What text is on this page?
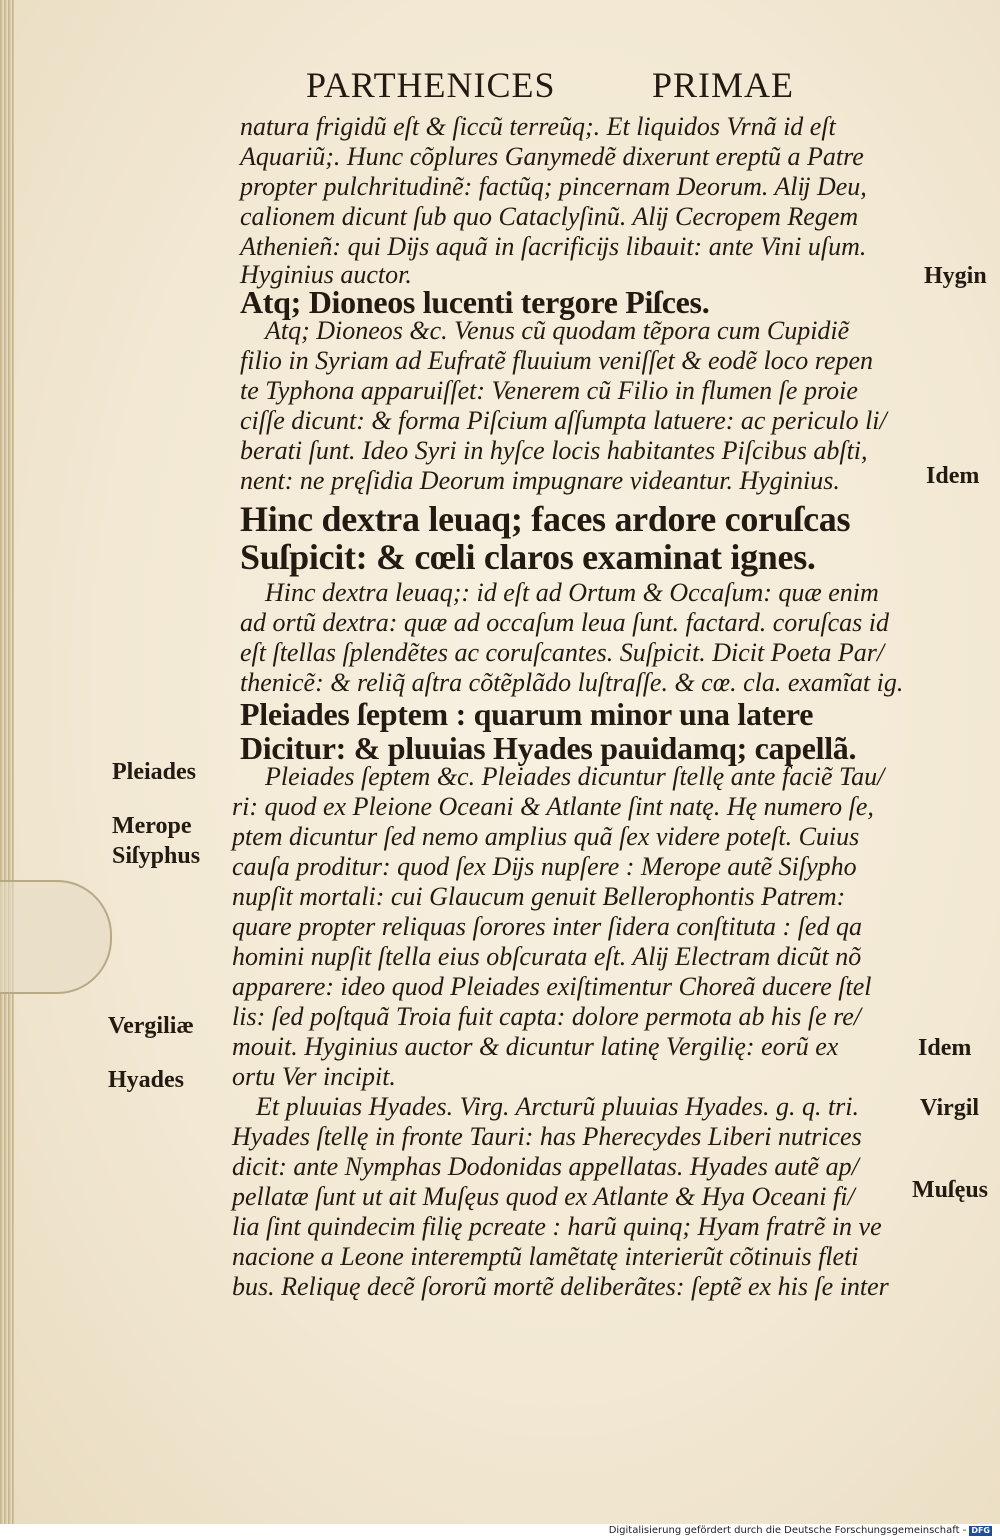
PARTHENICES	PRIMAE
natura frigidũ eſt & ſiccũ terreũq;. Et liquidos Vrnã id eſt
Aquariũ;. Hunc cõplures Ganymedẽ dixerunt ereptũ a Patre
propter pulchritudinẽ: factũq; pincernam Deorum. Alĳ Deu,
calionem dicunt ſub quo Cataclyſinũ. Alĳ Cecropem Regem
Athenieñ: qui Dĳs aquã in ſacrificĳs libauit: ante Vini uſum.
Hyginius auctor.
Atq; Dioneos lucenti tergore Piſces.
Atq; Dioneos &c. Venus cũ quodam tẽpora cum Cupidiẽ
filio in Syriam ad Eufratẽ fluuium veniſſet & eodẽ loco repen
te Typhona apparuiſſet: Venerem cũ Filio in flumen ſe proie
ciſſe dicunt: & forma Piſcium aſſumpta latuere: ac periculo li/
berati ſunt. Ideo Syri in hyſce locis habitantes Piſcibus abſti,
nent: ne pręſidia Deorum impugnare videantur. Hyginius.
Hinc dextra leuaq; faces ardore coruſcas
Suſpicit: & cœli claros examinat ignes.
Hinc dextra leuaq;: id eſt ad Ortum & Occaſum: quæ enim
ad ortũ dextra: quæ ad occaſum leua ſunt. factard. coruſcas id
eſt ſtellas ſplendẽtes ac coruſcantes. Suſpicit. Dicit Poeta Par/
thenicẽ: & reliq̃ aſtra cõtẽplãdo luſtraſſe. & cœ. cla. examĩat ig.
Pleiades ſeptem : quarum minor una latere
Dicitur: & pluuias Hyades pauidamq; capellã.
Pleiades ſeptem &c. Pleiades dicuntur ſtellę ante faciẽ Tau/
ri: quod ex Pleione Oceani & Atlante ſint natę. Hę numero ſe,
ptem dicuntur ſed nemo amplius quã ſex videre poteſt. Cuius
cauſa proditur: quod ſex Dĳs nupſere : Merope autẽ Siſypho
nupſit mortali: cui Glaucum genuit Bellerophontis Patrem:
quare propter reliquas ſorores inter ſidera conſtituta : ſed qa
homini nupſit ſtella eius obſcurata eſt. Alĳ Electram dicũt nõ
apparere: ideo quod Pleiades exiſtimentur Choreã ducere ſtel
lis: ſed poſtquã Troia fuit capta: dolore permota ab his ſe re/
mouit. Hyginius auctor & dicuntur latinę Vergilię: eorũ ex
ortu Ver incipit.
Et pluuias Hyades. Virg. Arcturũ pluuias Hyades. g. q. tri.
Hyades ſtellę in fronte Tauri: has Pherecydes Liberi nutrices
dicit: ante Nymphas Dodonidas appellatas. Hyades autẽ ap/
pellatæ ſunt ut ait Muſęus quod ex Atlante & Hya Oceani fi/
lia ſint quindecim filię pcreate : harũ quinq; Hyam fratrẽ in ve
nacione a Leone interemptũ lamẽtatę interierũt cõtinuis fleti
bus. Reliquę decẽ ſororũ mortẽ deliberãtes: ſeptẽ ex his ſe inter
Pleiades
Merope
Siſyphus
Vergiliæ
Hyades
Hygin
Idem
Idem
Virgil
Muſęus
Digitalisierung gefördert durch die Deutsche Forschungsgemeinschaft - DFG
